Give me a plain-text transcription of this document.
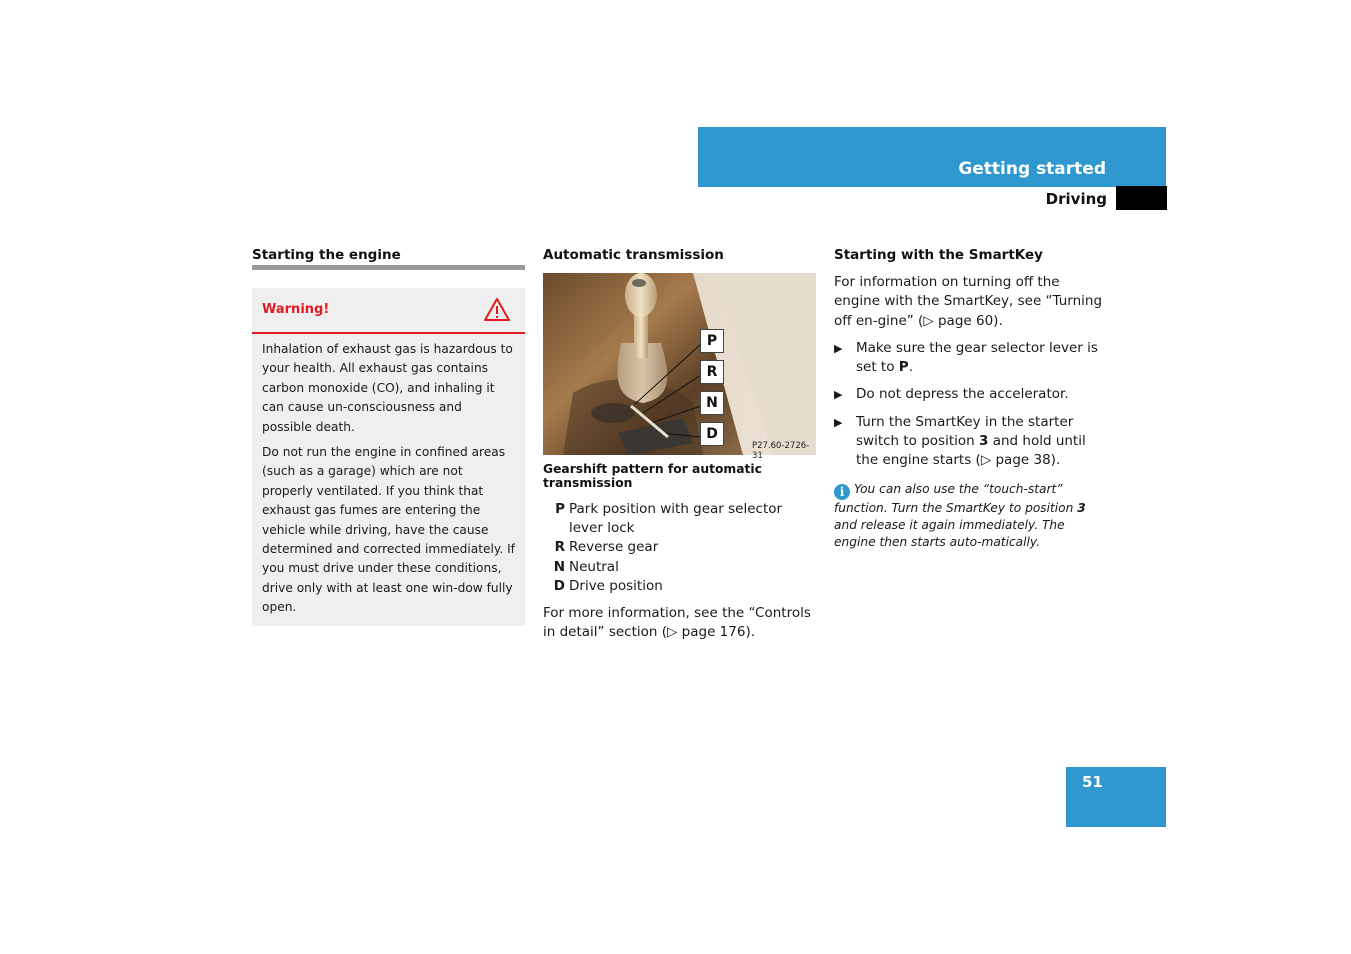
Getting started
Driving
Starting the engine
Warning!

Inhalation of exhaust gas is hazardous to your health. All exhaust gas contains carbon monoxide (CO), and inhaling it can cause un-consciousness and possible death.

Do not run the engine in confined areas (such as a garage) which are not properly ventilated. If you think that exhaust gas fumes are entering the vehicle while driving, have the cause determined and corrected immediately. If you must drive under these conditions, drive only with at least one win-dow fully open.

Automatic transmission
P
R
N
D
P27.60-2726-31
Gearshift pattern for automatic transmission
P Park position with gear selector lever lock
R Reverse gear
N Neutral
D Drive position

For more information, see the “Controls in detail” section (▷ page 176).

Starting with the SmartKey

For information on turning off the engine with the SmartKey, see “Turning off en-gine” (▷ page 60).

▶	Make sure the gear selector lever is set to P.
▶	Do not depress the accelerator.
▶	Turn the SmartKey in the starter switch to position 3 and hold until the engine starts (▷ page 38).
i You can also use the “touch-start” function. Turn the SmartKey to position 3 and release it again immediately. The engine then starts auto-matically.
51
